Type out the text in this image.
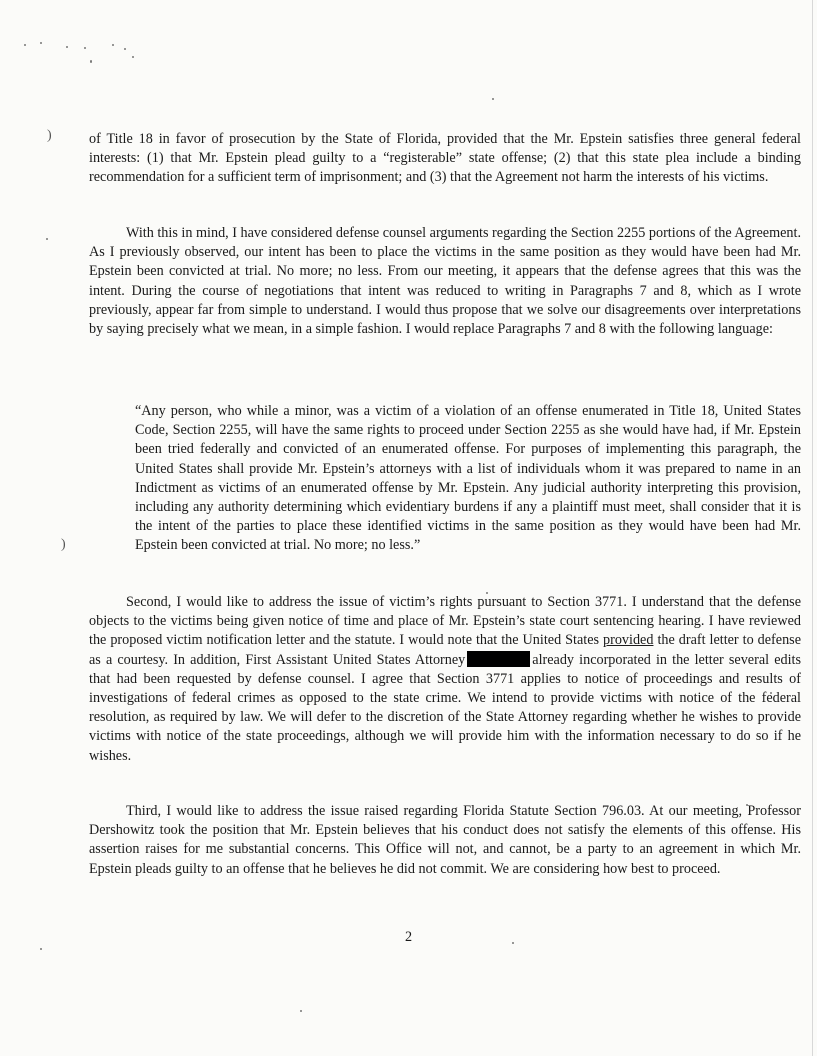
)
)

of Title 18 in favor of prosecution by the State of Florida, provided that the Mr. Epstein satisfies three general federal interests: (1) that Mr. Epstein plead guilty to a “registerable” state offense; (2) that this state plea include a binding recommendation for a sufficient term of imprisonment; and (3) that the Agreement not harm the interests of his victims.

With this in mind, I have considered defense counsel arguments regarding the Section 2255 portions of the Agreement. As I previously observed, our intent has been to place the victims in the same position as they would have been had Mr. Epstein been convicted at trial. No more; no less. From our meeting, it appears that the defense agrees that this was the intent. During the course of negotiations that intent was reduced to writing in Paragraphs 7 and 8, which as I wrote previously, appear far from simple to understand. I would thus propose that we solve our disagreements over interpretations by saying precisely what we mean, in a simple fashion. I would replace Paragraphs 7 and 8 with the following language:

“Any person, who while a minor, was a victim of a violation of an offense enumerated in Title 18, United States Code, Section 2255, will have the same rights to proceed under Section 2255 as she would have had, if Mr. Epstein been tried federally and convicted of an enumerated offense. For purposes of implementing this paragraph, the United States shall provide Mr. Epstein’s attorneys with a list of individuals whom it was prepared to name in an Indictment as victims of an enumerated offense by Mr. Epstein. Any judicial authority interpreting this provision, including any authority determining which evidentiary burdens if any a plaintiff must meet, shall consider that it is the intent of the parties to place these identified victims in the same position as they would have been had Mr. Epstein been convicted at trial. No more; no less.”

Second, I would like to address the issue of victim’s rights pursuant to Section 3771. I understand that the defense objects to the victims being given notice of time and place of Mr. Epstein’s state court sentencing hearing. I have reviewed the proposed victim notification letter and the statute. I would note that the United States provided the draft letter to defense as a courtesy. In addition, First Assistant United States Attorney	already incorporated in the letter several edits that had been requested by defense counsel. I agree that Section 3771 applies to notice of proceedings and results of investigations of federal crimes as opposed to the state crime. We intend to provide victims with notice of the federal resolution, as required by law. We will defer to the discretion of the State Attorney regarding whether he wishes to provide victims with notice of the state proceedings, although we will provide him with the information necessary to do so if he wishes.

Third, I would like to address the issue raised regarding Florida Statute Section 796.03. At our meeting, Professor Dershowitz took the position that Mr. Epstein believes that his conduct does not satisfy the elements of this offense. His assertion raises for me substantial concerns. This Office will not, and cannot, be a party to an agreement in which Mr. Epstein pleads guilty to an offense that he believes he did not commit. We are considering how best to proceed.

2
